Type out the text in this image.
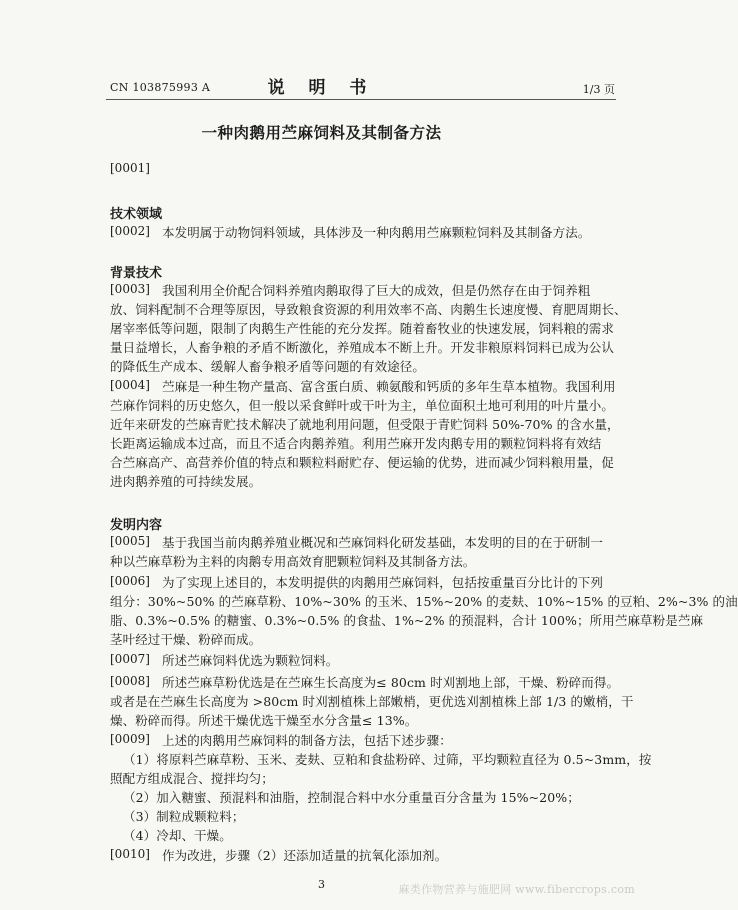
CN 103875993 A	说 明 书	1/3 页
一种肉鹅用苎麻饲料及其制备方法
[0001]
技术领域
[0002] 本发明属于动物饲料领域，具体涉及一种肉鹅用苎麻颗粒饲料及其制备方法。
背景技术
[0003] 我国利用全价配合饲料养殖肉鹅取得了巨大的成效，但是仍然存在由于饲养粗
放、饲料配制不合理等原因，导致粮食资源的利用效率不高、肉鹅生长速度慢、育肥周期长、
屠宰率低等问题，限制了肉鹅生产性能的充分发挥。随着畜牧业的快速发展，饲料粮的需求
量日益增长，人畜争粮的矛盾不断激化，养殖成本不断上升。开发非粮原料饲料已成为公认
的降低生产成本、缓解人畜争粮矛盾等问题的有效途径。
[0004] 苎麻是一种生物产量高、富含蛋白质、赖氨酸和钙质的多年生草本植物。我国利用
苎麻作饲料的历史悠久，但一般以采食鲜叶或干叶为主，单位面积土地可利用的叶片量小。
近年来研发的苎麻青贮技术解决了就地利用问题，但受限于青贮饲料 50%-70% 的含水量，
长距离运输成本过高，而且不适合肉鹅养殖。利用苎麻开发肉鹅专用的颗粒饲料将有效结
合苎麻高产、高营养价值的特点和颗粒料耐贮存、便运输的优势，进而减少饲料粮用量，促
进肉鹅养殖的可持续发展。
发明内容
[0005] 基于我国当前肉鹅养殖业概况和苎麻饲料化研发基础，本发明的目的在于研制一
种以苎麻草粉为主料的肉鹅专用高效育肥颗粒饲料及其制备方法。
[0006] 为了实现上述目的，本发明提供的肉鹅用苎麻饲料，包括按重量百分比计的下列
组分：30%~50% 的苎麻草粉、10%~30% 的玉米、15%~20% 的麦麸、10%~15% 的豆粕、2%~3% 的油
脂、0.3%~0.5% 的糖蜜、0.3%~0.5% 的食盐、1%~2% 的预混料，合计 100%；所用苎麻草粉是苎麻
茎叶经过干燥、粉碎而成。
[0007] 所述苎麻饲料优选为颗粒饲料。
[0008] 所述苎麻草粉优选是在苎麻生长高度为≤ 80cm 时刈割地上部，干燥、粉碎而得。
或者是在苎麻生长高度为 >80cm 时刈割植株上部嫩梢，更优选刈割植株上部 1/3 的嫩梢，干
燥、粉碎而得。所述干燥优选干燥至水分含量≤ 13%。
[0009] 上述的肉鹅用苎麻饲料的制备方法，包括下述步骤：
（1）将原料苎麻草粉、玉米、麦麸、豆粕和食盐粉碎、过筛，平均颗粒直径为 0.5~3mm，按
照配方组成混合、搅拌均匀；
（2）加入糖蜜、预混料和油脂，控制混合料中水分重量百分含量为 15%~20%；
（3）制粒成颗粒料；
（4）冷却、干燥。
[0010] 作为改进，步骤（2）还添加适量的抗氧化添加剂。
3	麻类作物营养与施肥网 www.fibercrops.com
